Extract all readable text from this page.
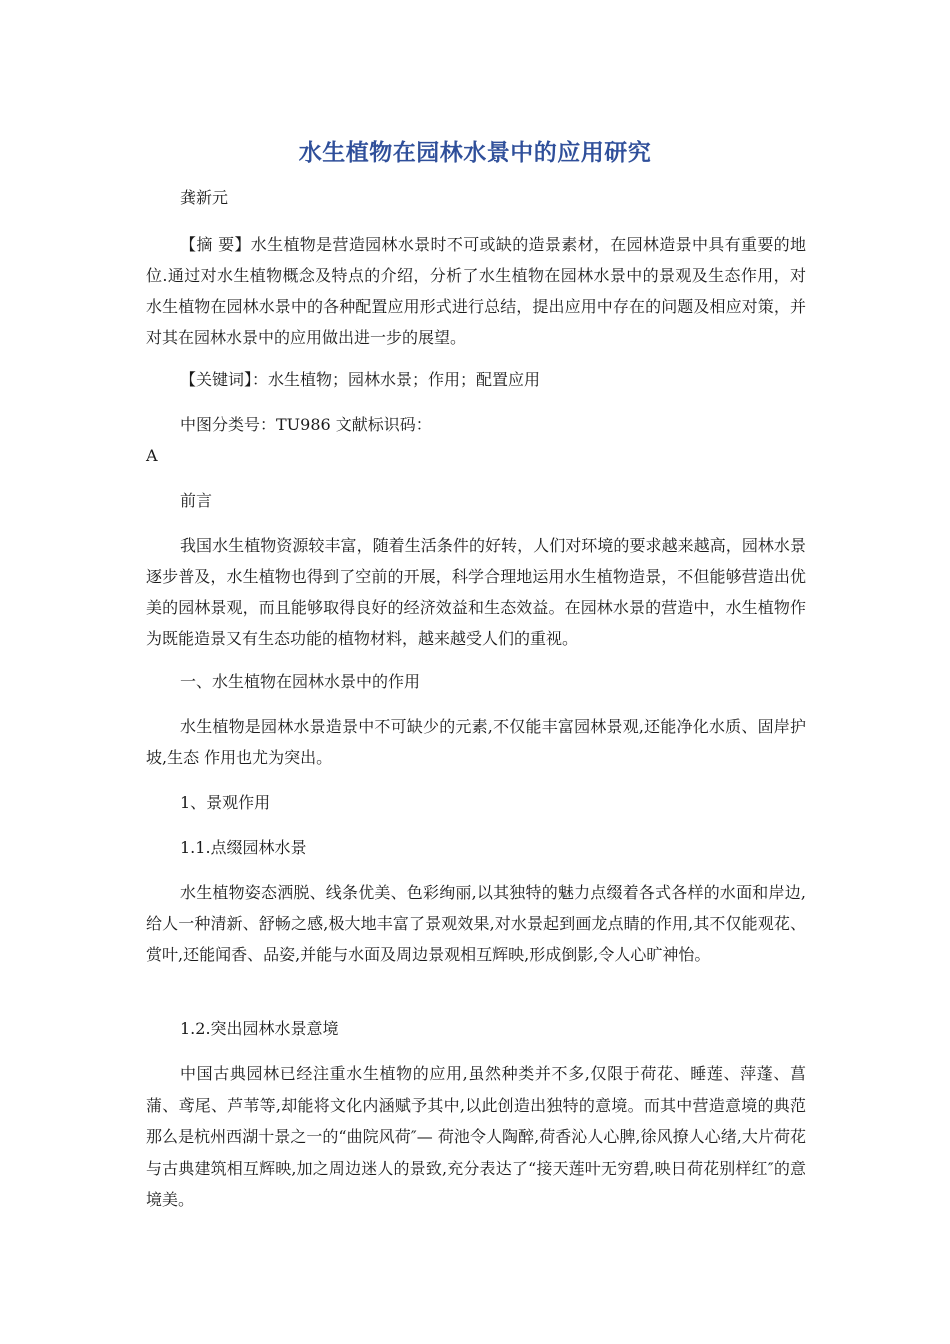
水生植物在园林水景中的应用研究
龚新元
【摘 要】水生植物是营造园林水景时不可或缺的造景素材，在园林造景中具有重要的地位.通过对水生植物概念及特点的介绍，分析了水生植物在园林水景中的景观及生态作用，对水生植物在园林水景中的各种配置应用形式进行总结，提出应用中存在的问题及相应对策，并对其在园林水景中的应用做出进一步的展望。
【关键词】：水生植物；园林水景；作用；配置应用
中图分类号：TU986 文献标识码：
A
前言
我国水生植物资源较丰富，随着生活条件的好转，人们对环境的要求越来越高，园林水景逐步普及，水生植物也得到了空前的开展，科学合理地运用水生植物造景，不但能够营造出优美的园林景观，而且能够取得良好的经济效益和生态效益。在园林水景的营造中，水生植物作为既能造景又有生态功能的植物材料，越来越受人们的重视。
一、水生植物在园林水景中的作用
水生植物是园林水景造景中不可缺少的元素,不仅能丰富园林景观,还能净化水质、固岸护坡,生态 作用也尤为突出。
1、景观作用
1.1.点缀园林水景
水生植物姿态洒脱、线条优美、色彩绚丽,以其独特的魅力点缀着各式各样的水面和岸边,给人一种清新、舒畅之感,极大地丰富了景观效果,对水景起到画龙点睛的作用,其不仅能观花、赏叶,还能闻香、品姿,并能与水面及周边景观相互辉映,形成倒影,令人心旷神怡。
1.2.突出园林水景意境
中国古典园林已经注重水生植物的应用,虽然种类并不多,仅限于荷花、睡莲、萍蓬、菖蒲、鸢尾、芦苇等,却能将文化内涵赋予其中,以此创造出独特的意境。而其中营造意境的典范那么是杭州西湖十景之一的“曲院风荷″— 荷池令人陶醉,荷香沁人心脾,徐风撩人心绪,大片荷花与古典建筑相互辉映,加之周边迷人的景致,充分表达了“接天莲叶无穷碧,映日荷花别样红″的意境美。
